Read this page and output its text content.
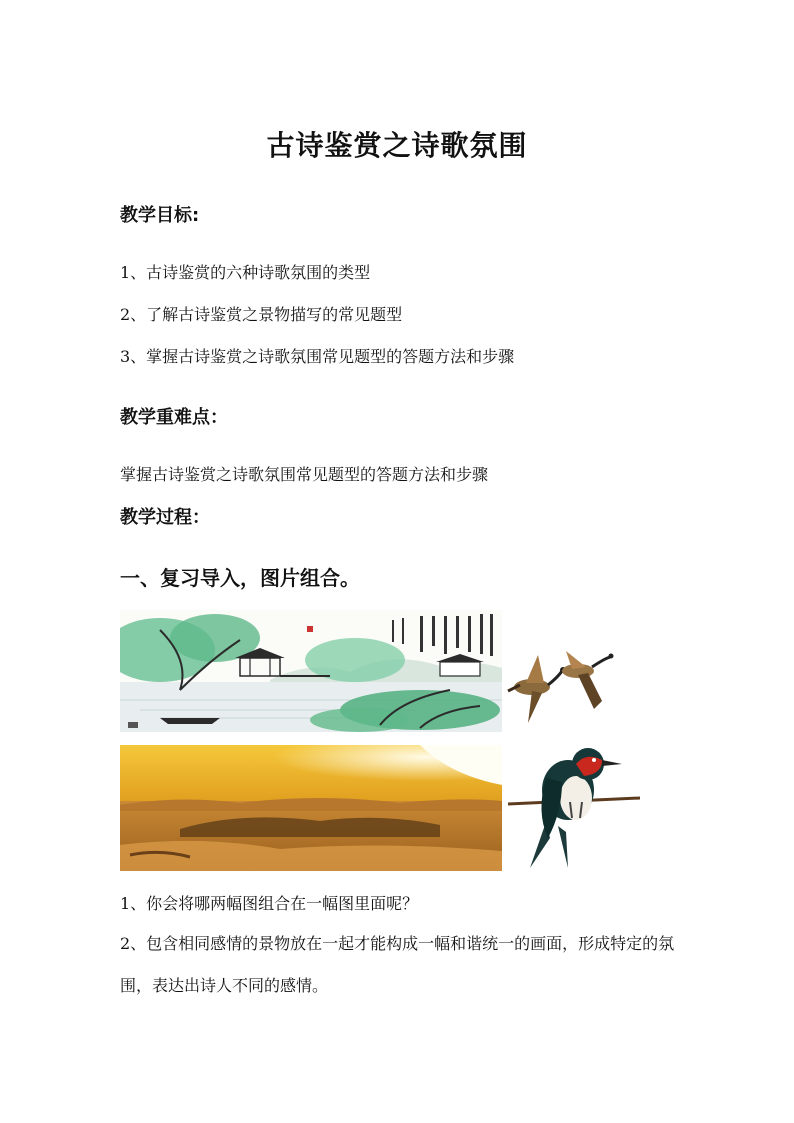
古诗鉴赏之诗歌氛围
教学目标:
1、古诗鉴赏的六种诗歌氛围的类型
2、了解古诗鉴赏之景物描写的常见题型
3、掌握古诗鉴赏之诗歌氛围常见题型的答题方法和步骤
教学重难点：
掌握古诗鉴赏之诗歌氛围常见题型的答题方法和步骤
教学过程：
一、复习导入，图片组合。
1、你会将哪两幅图组合在一幅图里面呢？
2、包含相同感情的景物放在一起才能构成一幅和谐统一的画面，形成特定的氛围，表达出诗人不同的感情。
